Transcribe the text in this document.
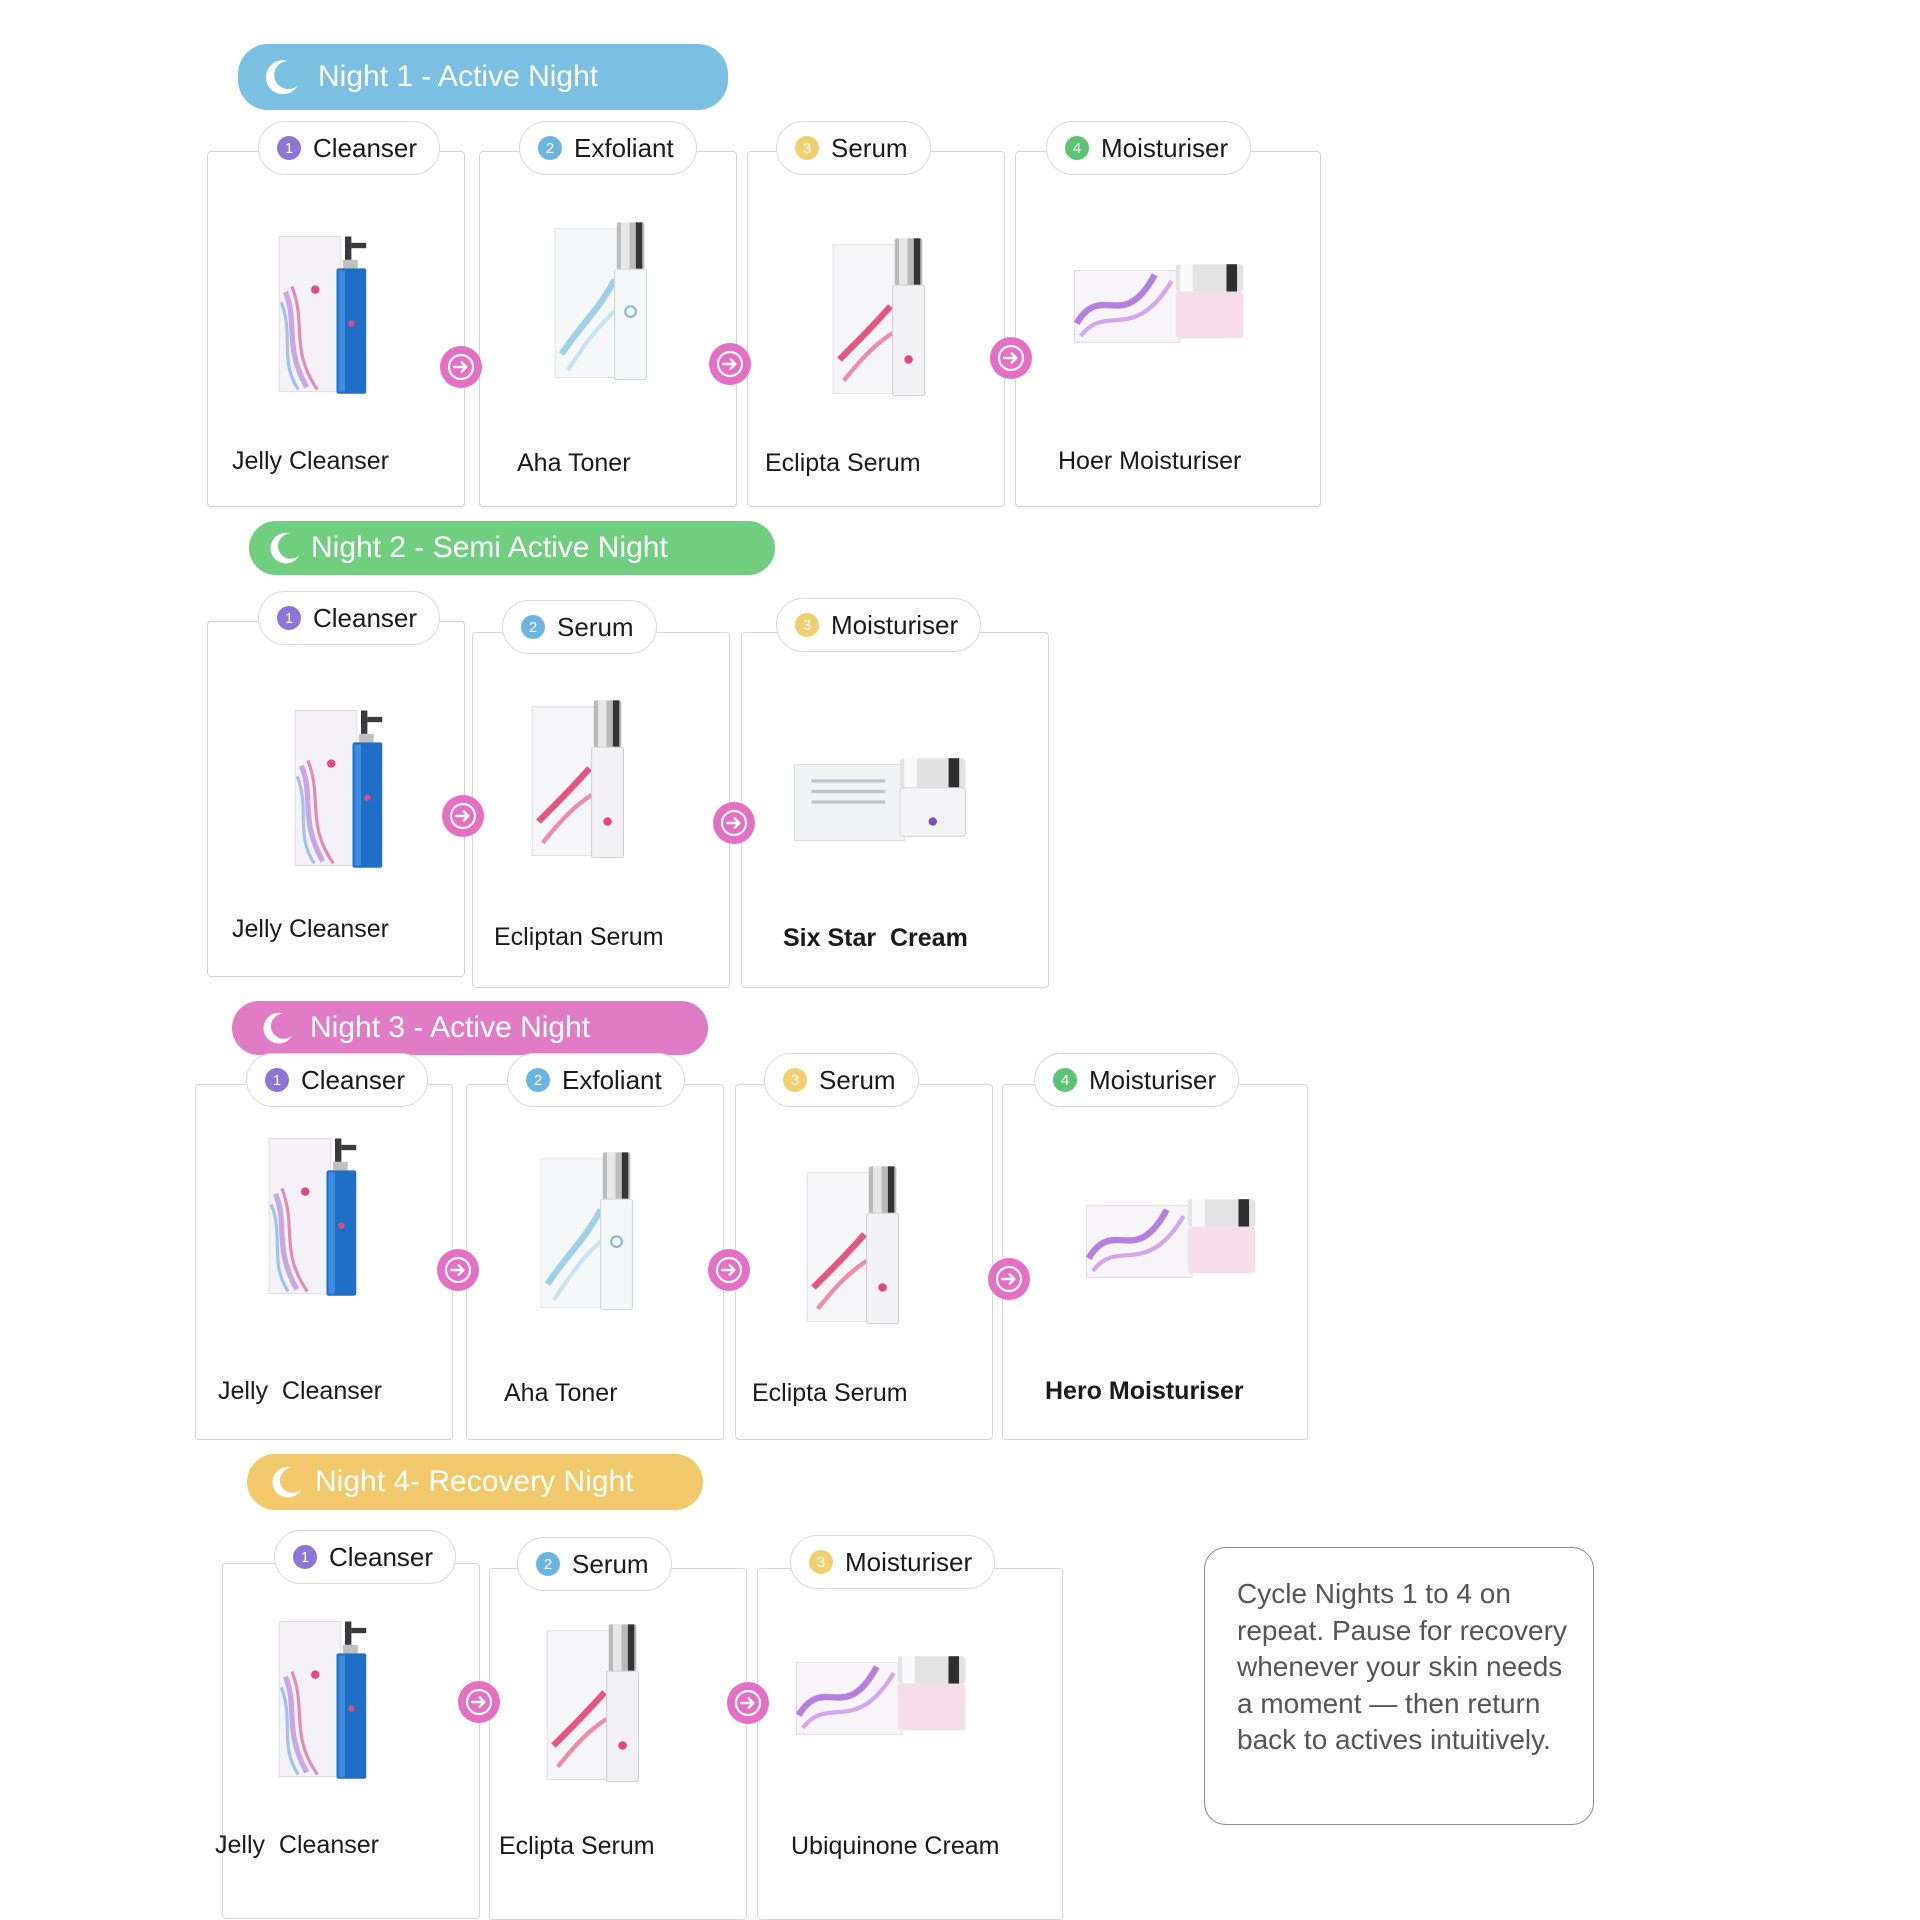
Night 1 - Active Night
1 Cleanser	2 Exfoliant	3 Serum	4 Moisturiser
Jelly Cleanser	Aha Toner	Eclipta Serum	Hoer Moisturiser
Night 2 - Semi Active Night
1 Cleanser	2 Serum	3 Moisturiser
Jelly Cleanser	Ecliptan Serum	Six Star  Cream
Night 3 - Active Night
1 Cleanser	2 Exfoliant	3 Serum	4 Moisturiser
Jelly  Cleanser	Aha Toner	Eclipta Serum	Hero Moisturiser
Night 4- Recovery Night
1 Cleanser	2 Serum	3 Moisturiser
Jelly  Cleanser	Eclipta Serum	Ubiquinone Cream
Cycle Nights 1 to 4 on repeat. Pause for recovery whenever your skin needs a moment — then return back to actives intuitively.
